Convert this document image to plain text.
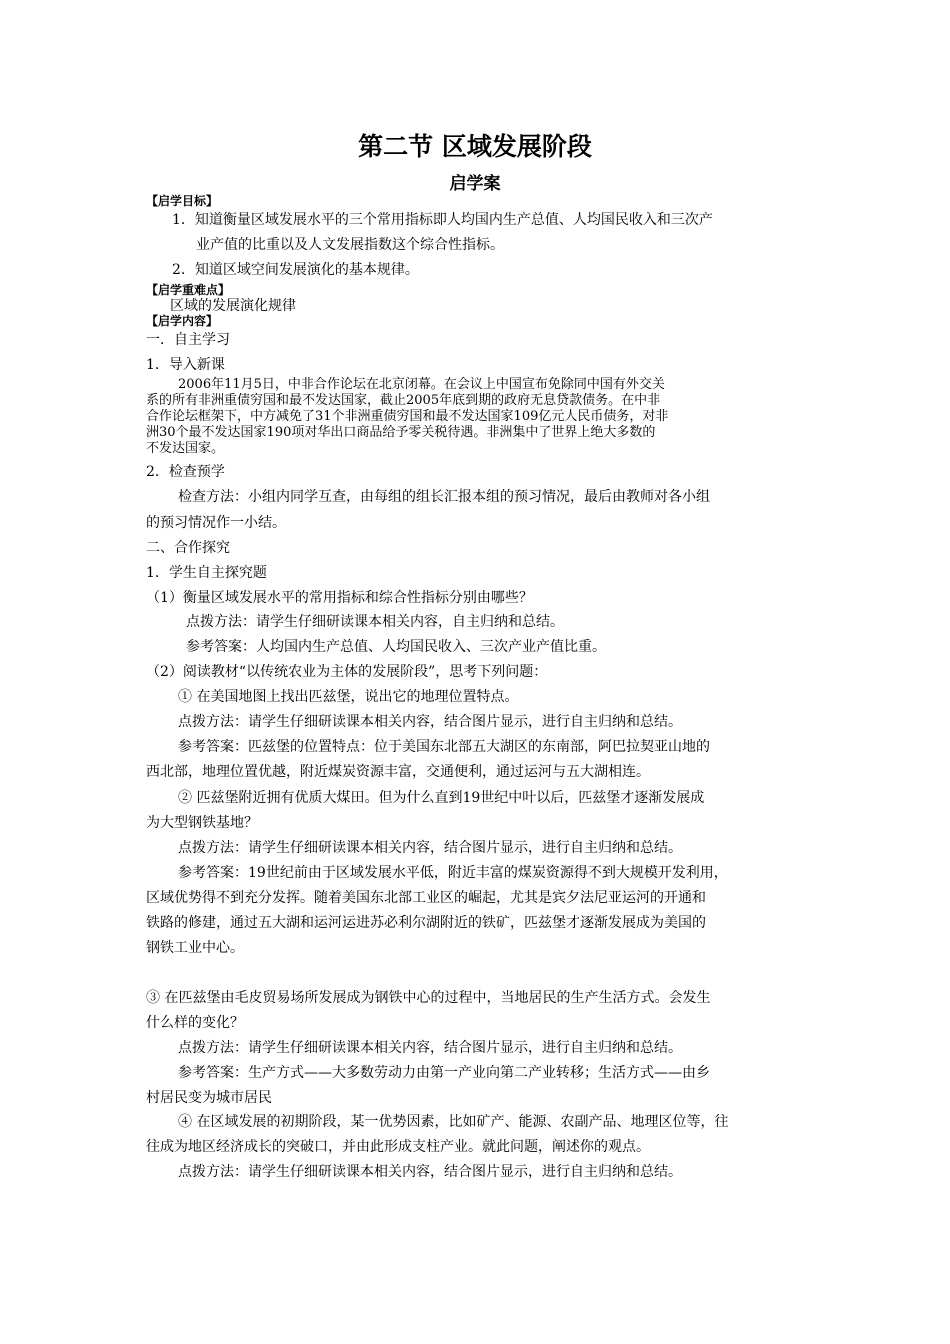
第二节 区域发展阶段
启学案
【启学目标】
1．知道衡量区域发展水平的三个常用指标即人均国内生产总值、人均国民收入和三次产
业产值的比重以及人文发展指数这个综合性指标。
2．知道区域空间发展演化的基本规律。
【启学重难点】
区域的发展演化规律
【启学内容】
一．自主学习
1．导入新课
2006年11月5日，中非合作论坛在北京闭幕。在会议上中国宣布免除同中国有外交关
系的所有非洲重债穷国和最不发达国家，截止2005年底到期的政府无息贷款债务。在中非
合作论坛框架下，中方减免了31个非洲重债穷国和最不发达国家109亿元人民币债务，对非
洲30个最不发达国家190项对华出口商品给予零关税待遇。非洲集中了世界上绝大多数的
不发达国家。
2．检查预学
检查方法：小组内同学互查，由每组的组长汇报本组的预习情况，最后由教师对各小组
的预习情况作一小结。
二、合作探究
1．学生自主探究题
（1）衡量区域发展水平的常用指标和综合性指标分别由哪些？
点拨方法：请学生仔细研读课本相关内容，自主归纳和总结。
参考答案：人均国内生产总值、人均国民收入、三次产业产值比重。
（2）阅读教材“以传统农业为主体的发展阶段”，思考下列问题：
① 在美国地图上找出匹兹堡，说出它的地理位置特点。
点拨方法：请学生仔细研读课本相关内容，结合图片显示，进行自主归纳和总结。
参考答案：匹兹堡的位置特点：位于美国东北部五大湖区的东南部，阿巴拉契亚山地的
西北部，地理位置优越，附近煤炭资源丰富，交通便利，通过运河与五大湖相连。
② 匹兹堡附近拥有优质大煤田。但为什么直到19世纪中叶以后，匹兹堡才逐渐发展成
为大型钢铁基地？
点拨方法：请学生仔细研读课本相关内容，结合图片显示，进行自主归纳和总结。
参考答案：19世纪前由于区域发展水平低，附近丰富的煤炭资源得不到大规模开发利用，
区域优势得不到充分发挥。随着美国东北部工业区的崛起，尤其是宾夕法尼亚运河的开通和
铁路的修建，通过五大湖和运河运进苏必利尔湖附近的铁矿，匹兹堡才逐渐发展成为美国的
钢铁工业中心。
③ 在匹兹堡由毛皮贸易场所发展成为钢铁中心的过程中，当地居民的生产生活方式。会发生
什么样的变化？
点拨方法：请学生仔细研读课本相关内容，结合图片显示，进行自主归纳和总结。
参考答案：生产方式——大多数劳动力由第一产业向第二产业转移；生活方式——由乡
村居民变为城市居民
④ 在区域发展的初期阶段，某一优势因素，比如矿产、能源、农副产品、地理区位等，往
往成为地区经济成长的突破口，并由此形成支柱产业。就此问题，阐述你的观点。
点拨方法：请学生仔细研读课本相关内容，结合图片显示，进行自主归纳和总结。
